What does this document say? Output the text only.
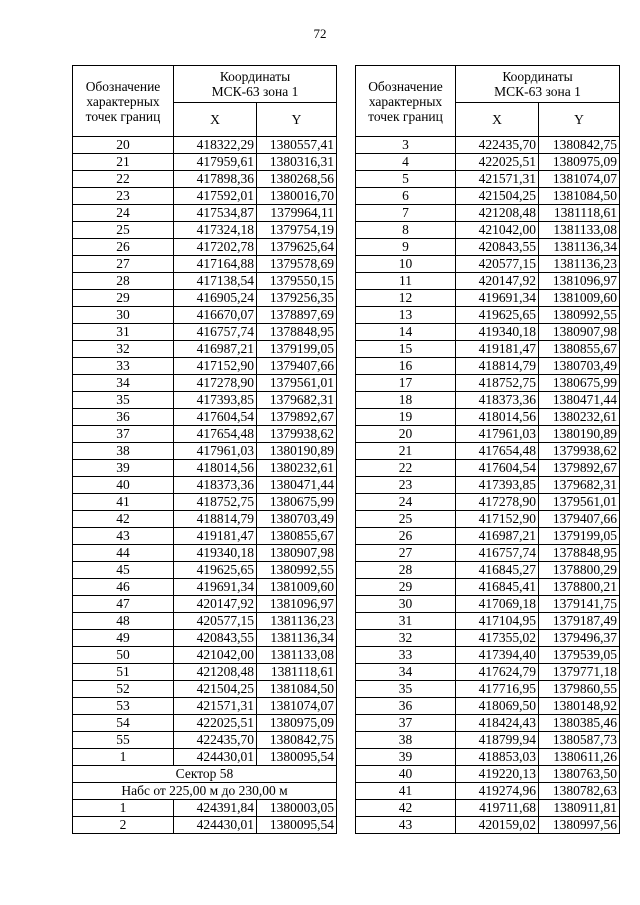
72
Обозначение
характерных
точек границ	Координаты
МСК-63 зона 1	
	X	Y
20	418322,29	1380557,41
21	417959,61	1380316,31
22	417898,36	1380268,56
23	417592,01	1380016,70
24	417534,87	1379964,11
25	417324,18	1379754,19
26	417202,78	1379625,64
27	417164,88	1379578,69
28	417138,54	1379550,15
29	416905,24	1379256,35
30	416670,07	1378897,69
31	416757,74	1378848,95
32	416987,21	1379199,05
33	417152,90	1379407,66
34	417278,90	1379561,01
35	417393,85	1379682,31
36	417604,54	1379892,67
37	417654,48	1379938,62
38	417961,03	1380190,89
39	418014,56	1380232,61
40	418373,36	1380471,44
41	418752,75	1380675,99
42	418814,79	1380703,49
43	419181,47	1380855,67
44	419340,18	1380907,98
45	419625,65	1380992,55
46	419691,34	1381009,60
47	420147,92	1381096,97
48	420577,15	1381136,23
49	420843,55	1381136,34
50	421042,00	1381133,08
51	421208,48	1381118,61
52	421504,25	1381084,50
53	421571,31	1381074,07
54	422025,51	1380975,09
55	422435,70	1380842,75
1	424430,01	1380095,54
Сектор 58		
Набс от 225,00 м до 230,00 м		
1	424391,84	1380003,05
2	424430,01	1380095,54
Обозначение
характерных
точек границ	Координаты
МСК-63 зона 1	
	X	Y
3	422435,70	1380842,75
4	422025,51	1380975,09
5	421571,31	1381074,07
6	421504,25	1381084,50
7	421208,48	1381118,61
8	421042,00	1381133,08
9	420843,55	1381136,34
10	420577,15	1381136,23
11	420147,92	1381096,97
12	419691,34	1381009,60
13	419625,65	1380992,55
14	419340,18	1380907,98
15	419181,47	1380855,67
16	418814,79	1380703,49
17	418752,75	1380675,99
18	418373,36	1380471,44
19	418014,56	1380232,61
20	417961,03	1380190,89
21	417654,48	1379938,62
22	417604,54	1379892,67
23	417393,85	1379682,31
24	417278,90	1379561,01
25	417152,90	1379407,66
26	416987,21	1379199,05
27	416757,74	1378848,95
28	416845,27	1378800,29
29	416845,41	1378800,21
30	417069,18	1379141,75
31	417104,95	1379187,49
32	417355,02	1379496,37
33	417394,40	1379539,05
34	417624,79	1379771,18
35	417716,95	1379860,55
36	418069,50	1380148,92
37	418424,43	1380385,46
38	418799,94	1380587,73
39	418853,03	1380611,26
40	419220,13	1380763,50
41	419274,96	1380782,63
42	419711,68	1380911,81
43	420159,02	1380997,56
